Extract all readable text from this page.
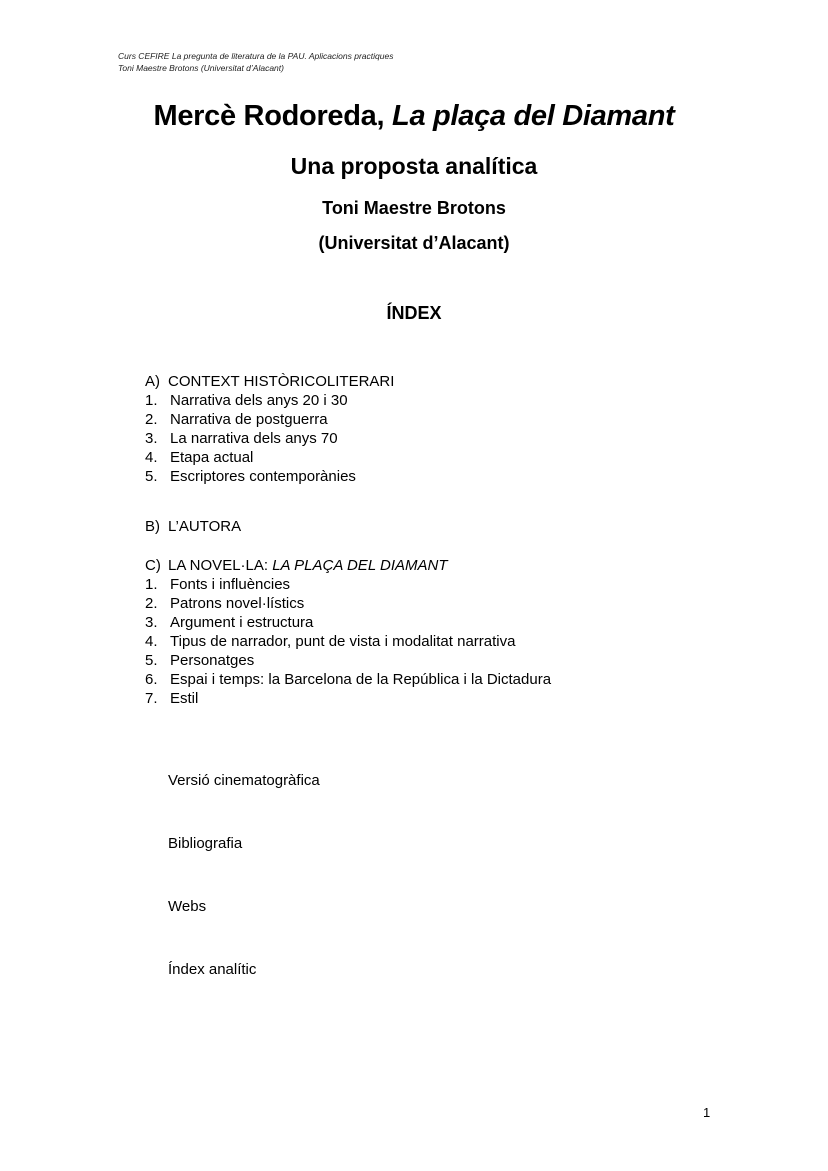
Curs CEFIRE La pregunta de literatura de la PAU. Aplicacions practiques
Toni Maestre Brotons (Universitat d’Alacant)
Mercè Rodoreda, La plaça del Diamant
Una proposta analítica
Toni Maestre Brotons
(Universitat d’Alacant)
ÍNDEX
A) CONTEXT HISTÒRICOLITERARI
1. Narrativa dels anys 20 i 30
2. Narrativa de postguerra
3. La narrativa dels anys 70
4. Etapa actual
5. Escriptores contemporànies
B) L’AUTORA
C) LA NOVEL·LA: LA PLAÇA DEL DIAMANT
1. Fonts i influències
2. Patrons novel·lístics
3. Argument i estructura
4. Tipus de narrador, punt de vista i modalitat narrativa
5. Personatges
6. Espai i temps: la Barcelona de la República i la Dictadura
7. Estil
Versió cinematogràfica
Bibliografia
Webs
Índex analític
1
